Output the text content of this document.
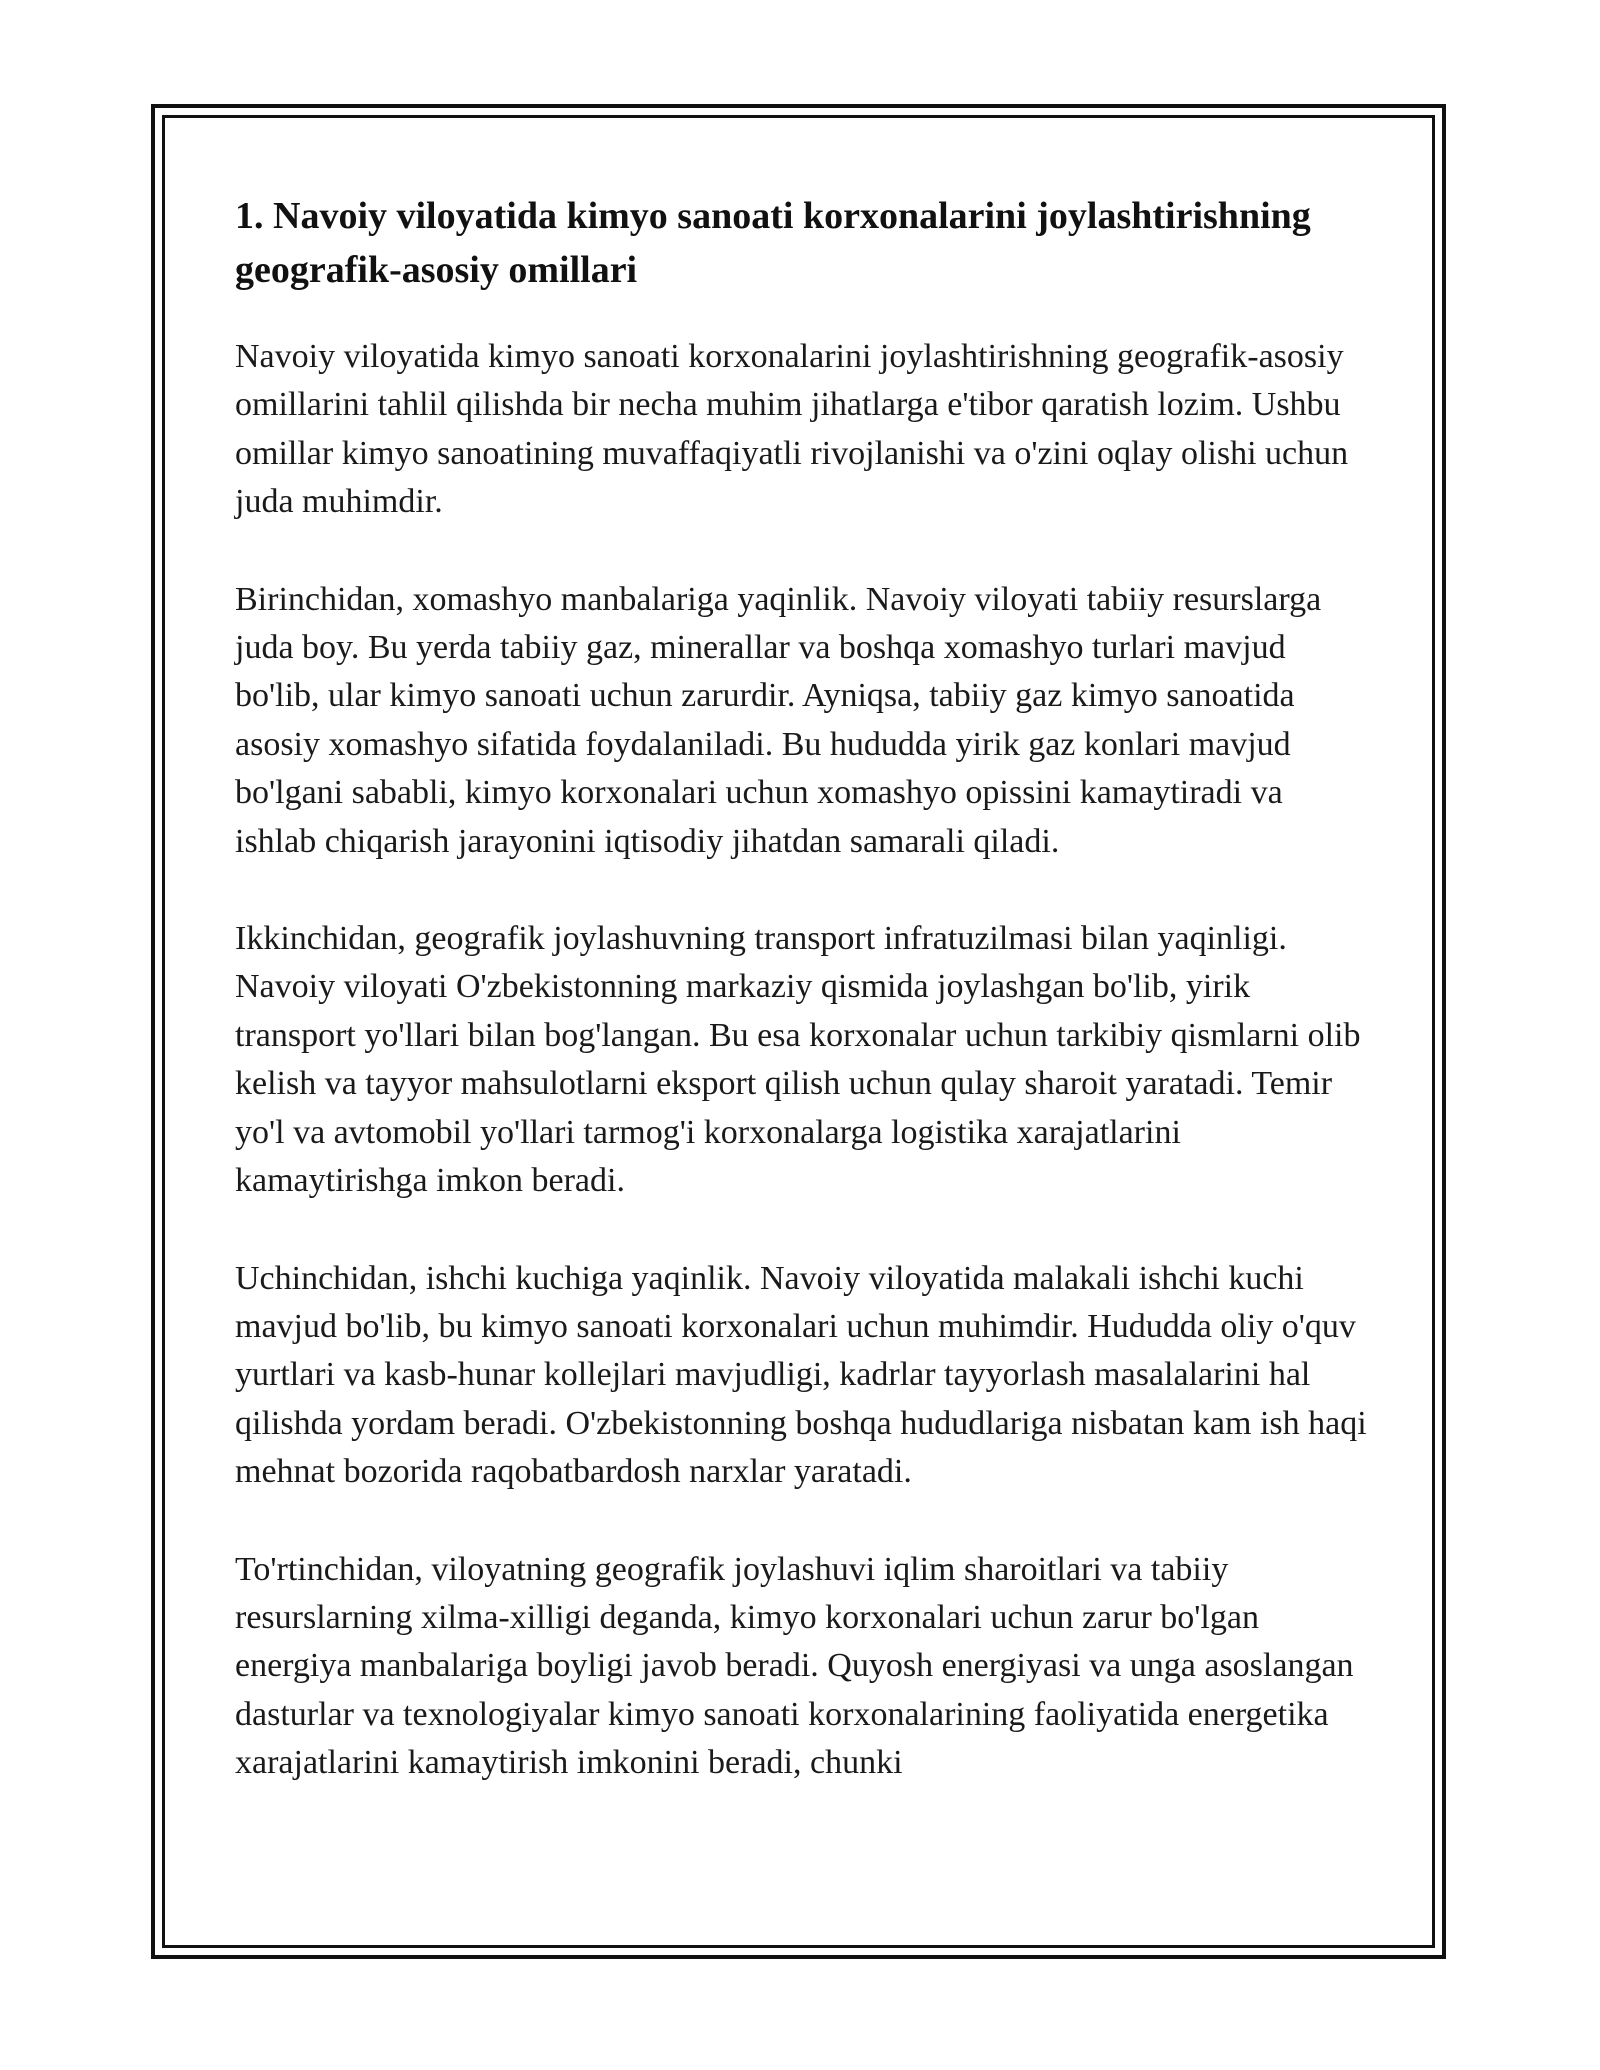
1. Navoiy viloyatida kimyo sanoati korxonalarini joylashtirishning geografik-asosiy omillari

Navoiy viloyatida kimyo sanoati korxonalarini joylashtirishning geografik-asosiy omillarini tahlil qilishda bir necha muhim jihatlarga e'tibor qaratish lozim. Ushbu omillar kimyo sanoatining muvaffaqiyatli rivojlanishi va o'zini oqlay olishi uchun juda muhimdir.

Birinchidan, xomashyo manbalariga yaqinlik. Navoiy viloyati tabiiy resurslarga juda boy. Bu yerda tabiiy gaz, minerallar va boshqa xomashyo turlari mavjud bo'lib, ular kimyo sanoati uchun zarurdir. Ayniqsa, tabiiy gaz kimyo sanoatida asosiy xomashyo sifatida foydalaniladi. Bu hududda yirik gaz konlari mavjud bo'lgani sababli, kimyo korxonalari uchun xomashyo opissini kamaytiradi va ishlab chiqarish jarayonini iqtisodiy jihatdan samarali qiladi.

Ikkinchidan, geografik joylashuvning transport infratuzilmasi bilan yaqinligi. Navoiy viloyati O'zbekistonning markaziy qismida joylashgan bo'lib, yirik transport yo'llari bilan bog'langan. Bu esa korxonalar uchun tarkibiy qismlarni olib kelish va tayyor mahsulotlarni eksport qilish uchun qulay sharoit yaratadi. Temir yo'l va avtomobil yo'llari tarmog'i korxonalarga logistika xarajatlarini kamaytirishga imkon beradi.

Uchinchidan, ishchi kuchiga yaqinlik. Navoiy viloyatida malakali ishchi kuchi mavjud bo'lib, bu kimyo sanoati korxonalari uchun muhimdir. Hududda oliy o'quv yurtlari va kasb-hunar kollejlari mavjudligi, kadrlar tayyorlash masalalarini hal qilishda yordam beradi. O'zbekistonning boshqa hududlariga nisbatan kam ish haqi mehnat bozorida raqobatbardosh narxlar yaratadi.

To'rtinchidan, viloyatning geografik joylashuvi iqlim sharoitlari va tabiiy resurslarning xilma-xilligi deganda, kimyo korxonalari uchun zarur bo'lgan energiya manbalariga boyligi javob beradi. Quyosh energiyasi va unga asoslangan dasturlar va texnologiyalar kimyo sanoati korxonalarining faoliyatida energetika xarajatlarini kamaytirish imkonini beradi, chunki
